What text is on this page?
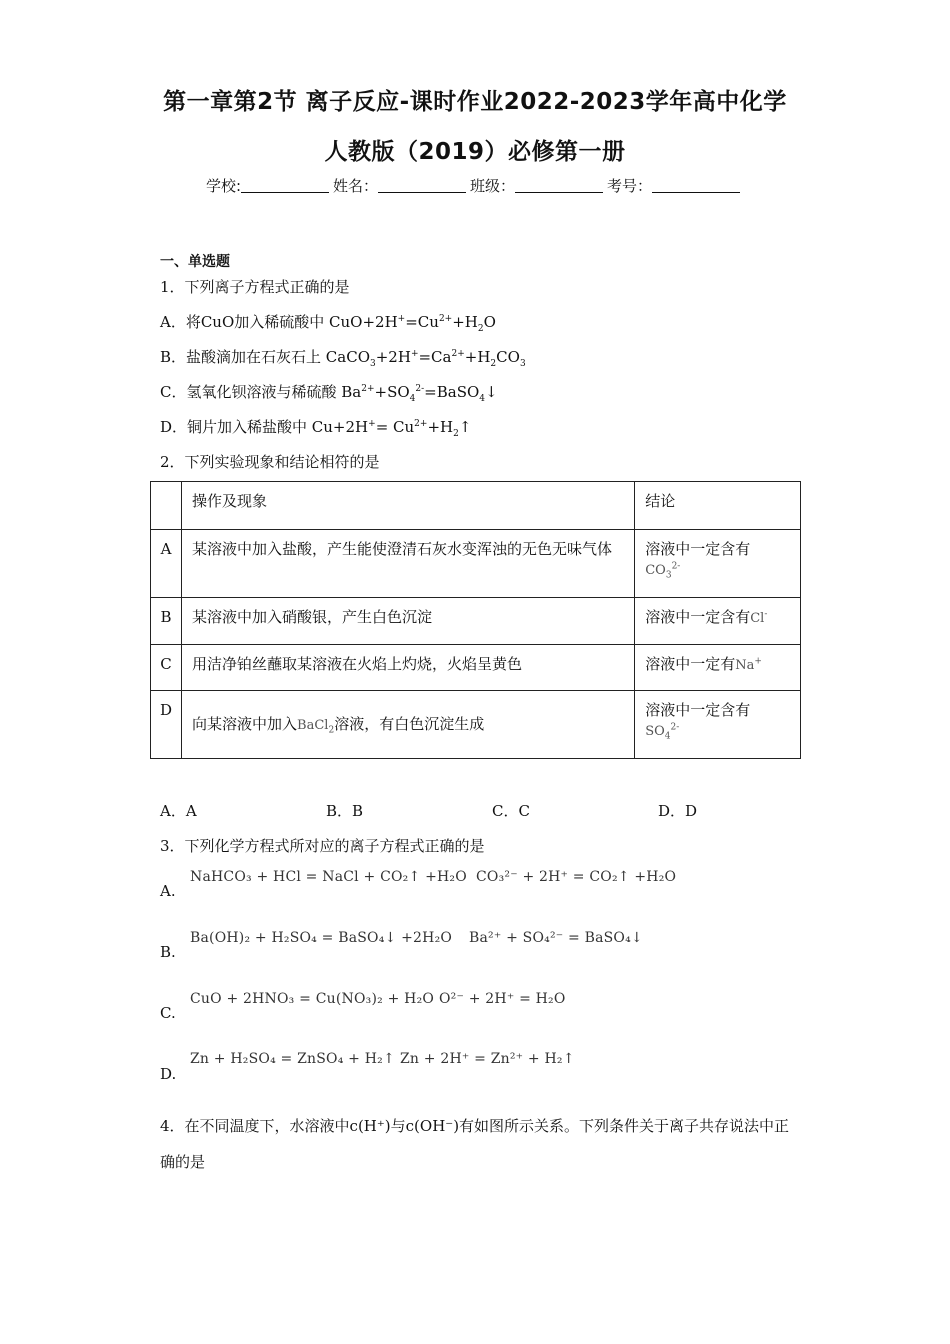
第一章第2节 离子反应-课时作业2022-2023学年高中化学
人教版（2019）必修第一册
学校:	姓名：	班级：	考号：
一、单选题
1．下列离子方程式正确的是
A．将CuO加入稀硫酸中 $CuO+2H^+=Cu^{2+}+H_2O$
B．盐酸滴加在石灰石上 $CaCO_3+2H^+=Ca^{2+}+H_2CO_3$
C．氢氧化钡溶液与稀硫酸 $Ba^{2+}+SO_4^{2-}=BaSO_4↓$
D．铜片加入稀盐酸中 $Cu+2H^+= Cu^{2+}+H_2↑$
2．下列实验现象和结论相符的是
	操作及现象	结论
A	某溶液中加入盐酸，产生能使澄清石灰水变浑浊的无色无味气体	溶液中一定含有
$CO_3^{2-}$
B	某溶液中加入硝酸银，产生白色沉淀	溶液中一定含有Cl-
C	用洁净铂丝蘸取某溶液在火焰上灼烧，火焰呈黄色	溶液中一定有Na+
D	向某溶液中加入BaCl$_2$溶液，有白色沉淀生成	溶液中一定含有
$SO_4^{2-}$
A．A	B．B	C．C	D．D
3．下列化学方程式所对应的离子方程式正确的是
A.
NaHCO₃ + HCl = NaCl + CO₂↑ +H₂O CO₃²⁻ + 2H⁺ = CO₂↑ +H₂O
B.
Ba(OH)₂ + H₂SO₄ = BaSO₄↓ +2H₂O Ba²⁺ + SO₄²⁻ = BaSO₄↓
C.
CuO + 2HNO₃ = Cu(NO₃)₂ + H₂O O²⁻ + 2H⁺ = H₂O
D.
Zn + H₂SO₄ = ZnSO₄ + H₂↑ Zn + 2H⁺ = Zn²⁺ + H₂↑
4．在不同温度下，水溶液中c(H⁺)与c(OH⁻)有如图所示关系。下列条件关于离子共存说法中正确的是
